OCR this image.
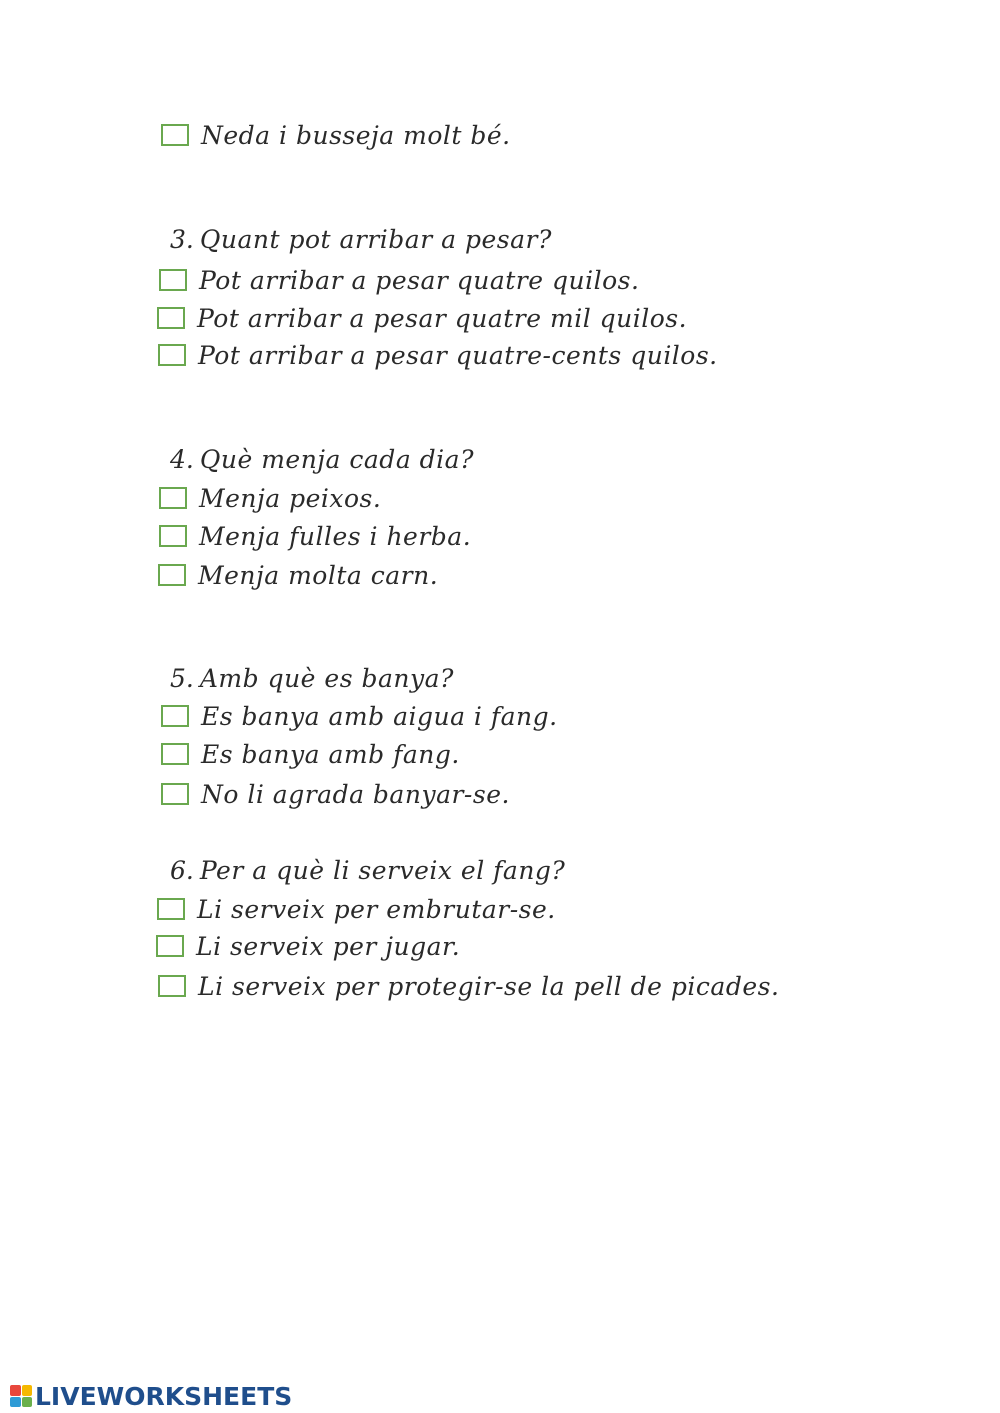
Neda i busseja molt bé.
3. Quant pot arribar a pesar?
Pot arribar a pesar quatre quilos.
Pot arribar a pesar quatre mil quilos.
Pot arribar a pesar quatre-cents quilos.
4. Què menja cada dia?
Menja peixos.
Menja fulles i herba.
Menja molta carn.
5. Amb què es banya?
Es banya amb aigua i fang.
Es banya amb fang.
No li agrada banyar-se.
6. Per a què li serveix el fang?
Li serveix per embrutar-se.
Li serveix per jugar.
Li serveix per protegir-se la pell de picades.
LIVEWORKSHEETS
